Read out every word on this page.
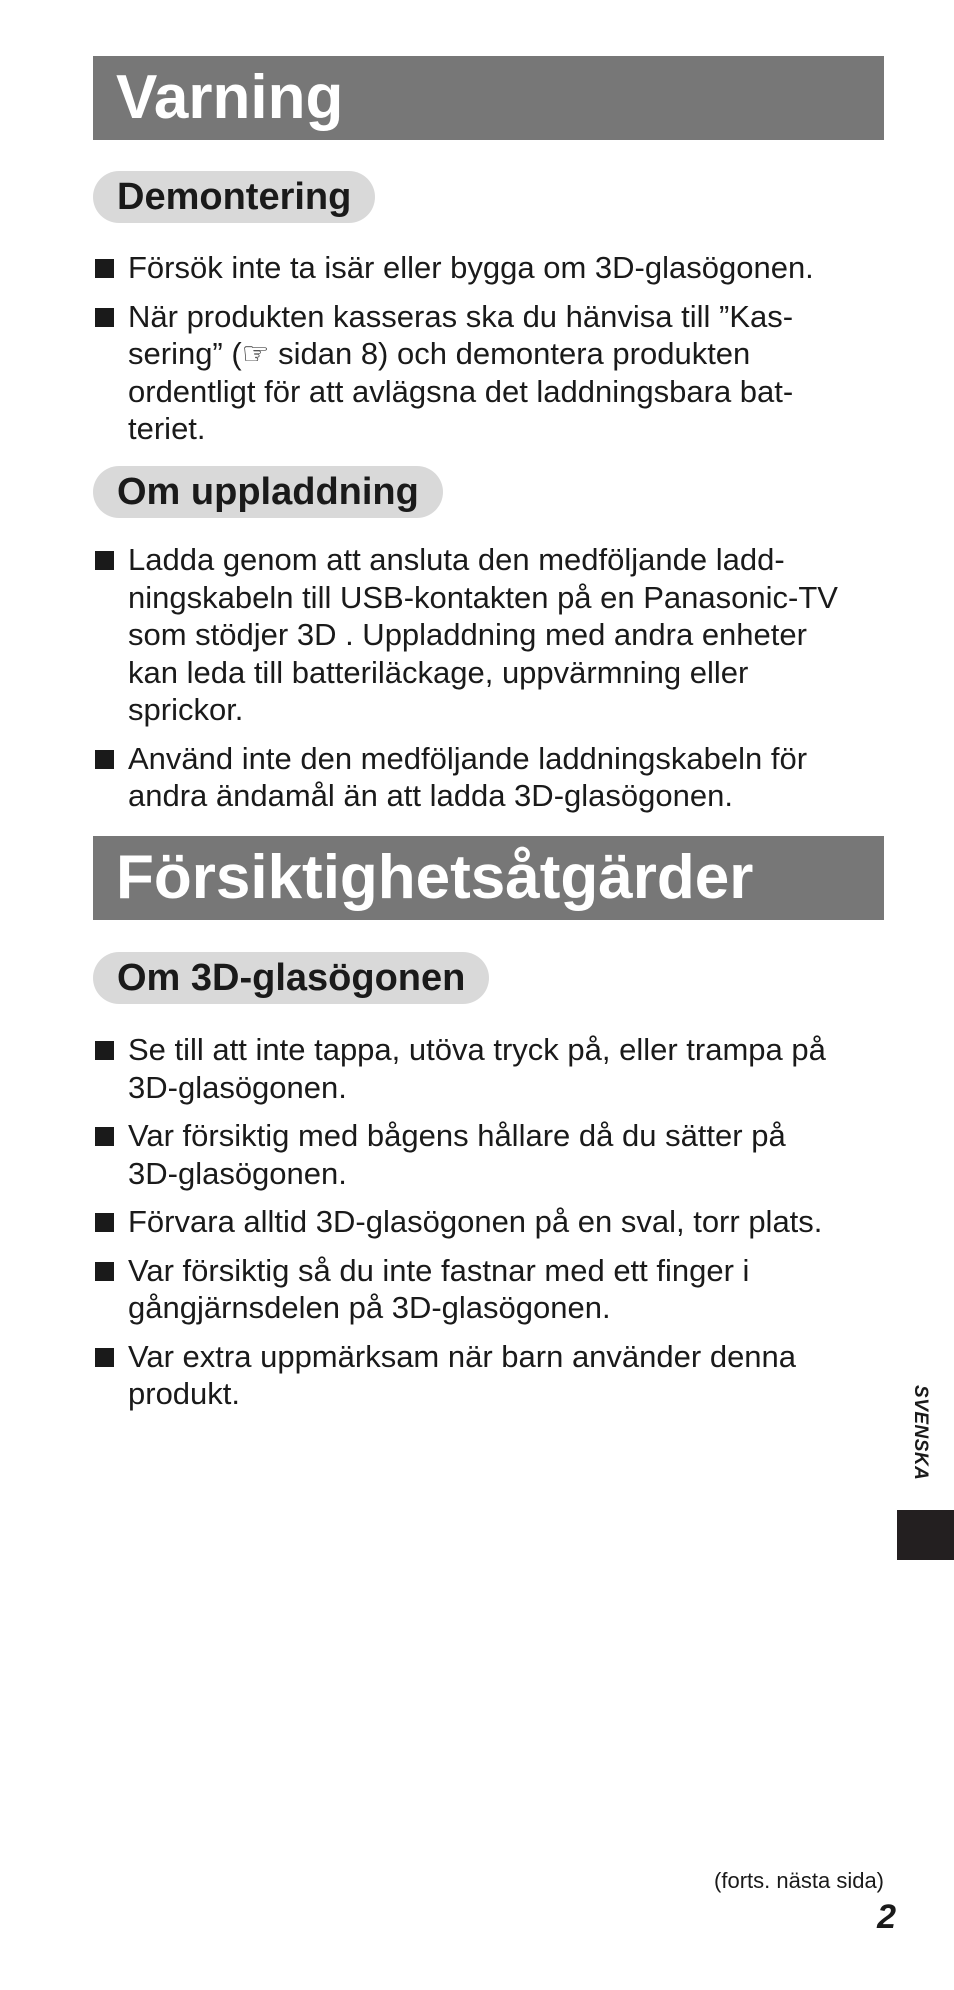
Varning
Demontering
Försök inte ta isär eller bygga om 3D-glasögonen.
När produkten kasseras ska du hänvisa till ”Kas-
sering” (☞ sidan 8) och demontera produkten
ordentligt för att avlägsna det laddningsbara bat-
teriet.
Om uppladdning
Ladda genom att ansluta den medföljande ladd-
ningskabeln till USB-kontakten på en Panasonic-TV
som stödjer 3D . Uppladdning med andra enheter
kan leda till batteriläckage, uppvärmning eller
sprickor.
Använd inte den medföljande laddningskabeln för
andra ändamål än att ladda 3D-glasögonen.
Försiktighetsåtgärder
Om 3D-glasögonen
Se till att inte tappa, utöva tryck på, eller trampa på
3D-glasögonen.
Var försiktig med bågens hållare då du sätter på
3D-glasögonen.
Förvara alltid 3D-glasögonen på en sval, torr plats.
Var försiktig så du inte fastnar med ett finger i
gångjärnsdelen på 3D-glasögonen.
Var extra uppmärksam när barn använder denna
produkt.	SVENSKA
(forts. nästa sida)
2
